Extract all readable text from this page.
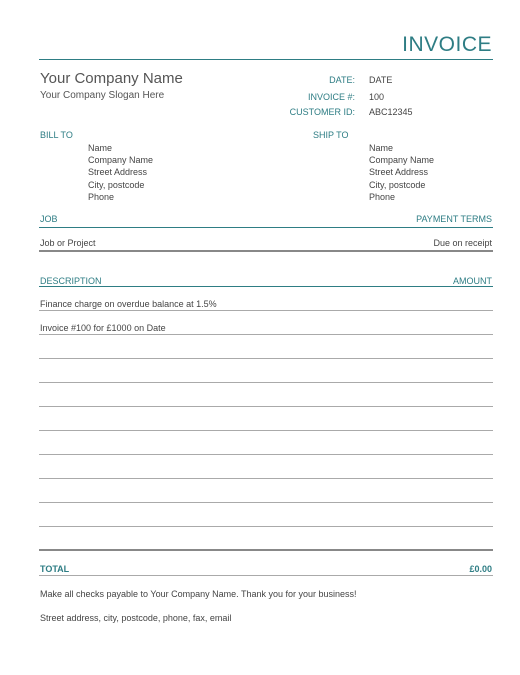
INVOICE
Your Company Name
Your Company Slogan Here
DATE: DATE
INVOICE #: 100
CUSTOMER ID: ABC12345
BILL TO
Name
Company Name
Street Address
City, postcode
Phone
SHIP TO
Name
Company Name
Street Address
City, postcode
Phone
JOB	PAYMENT TERMS
Job or Project	Due on receipt
DESCRIPTION	AMOUNT
Finance charge on overdue balance at 1.5%
Invoice #100 for £1000 on Date
TOTAL	£0.00
Make all checks payable to Your Company Name. Thank you for your business!
Street address, city, postcode, phone, fax, email
